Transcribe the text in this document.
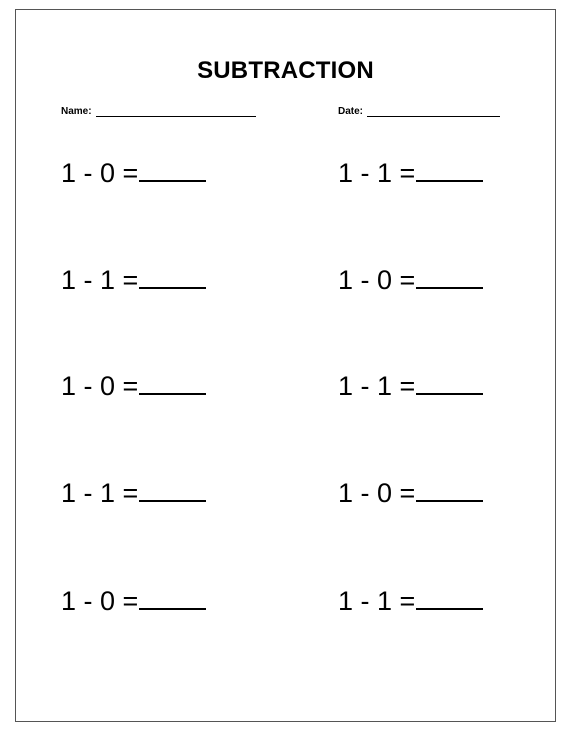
SUBTRACTION
Name:	Date:
1 - 0 =	1 - 1 =
1 - 1 =	1 - 0 =
1 - 0 =	1 - 1 =
1 - 1 =	1 - 0 =
1 - 0 =	1 - 1 =
